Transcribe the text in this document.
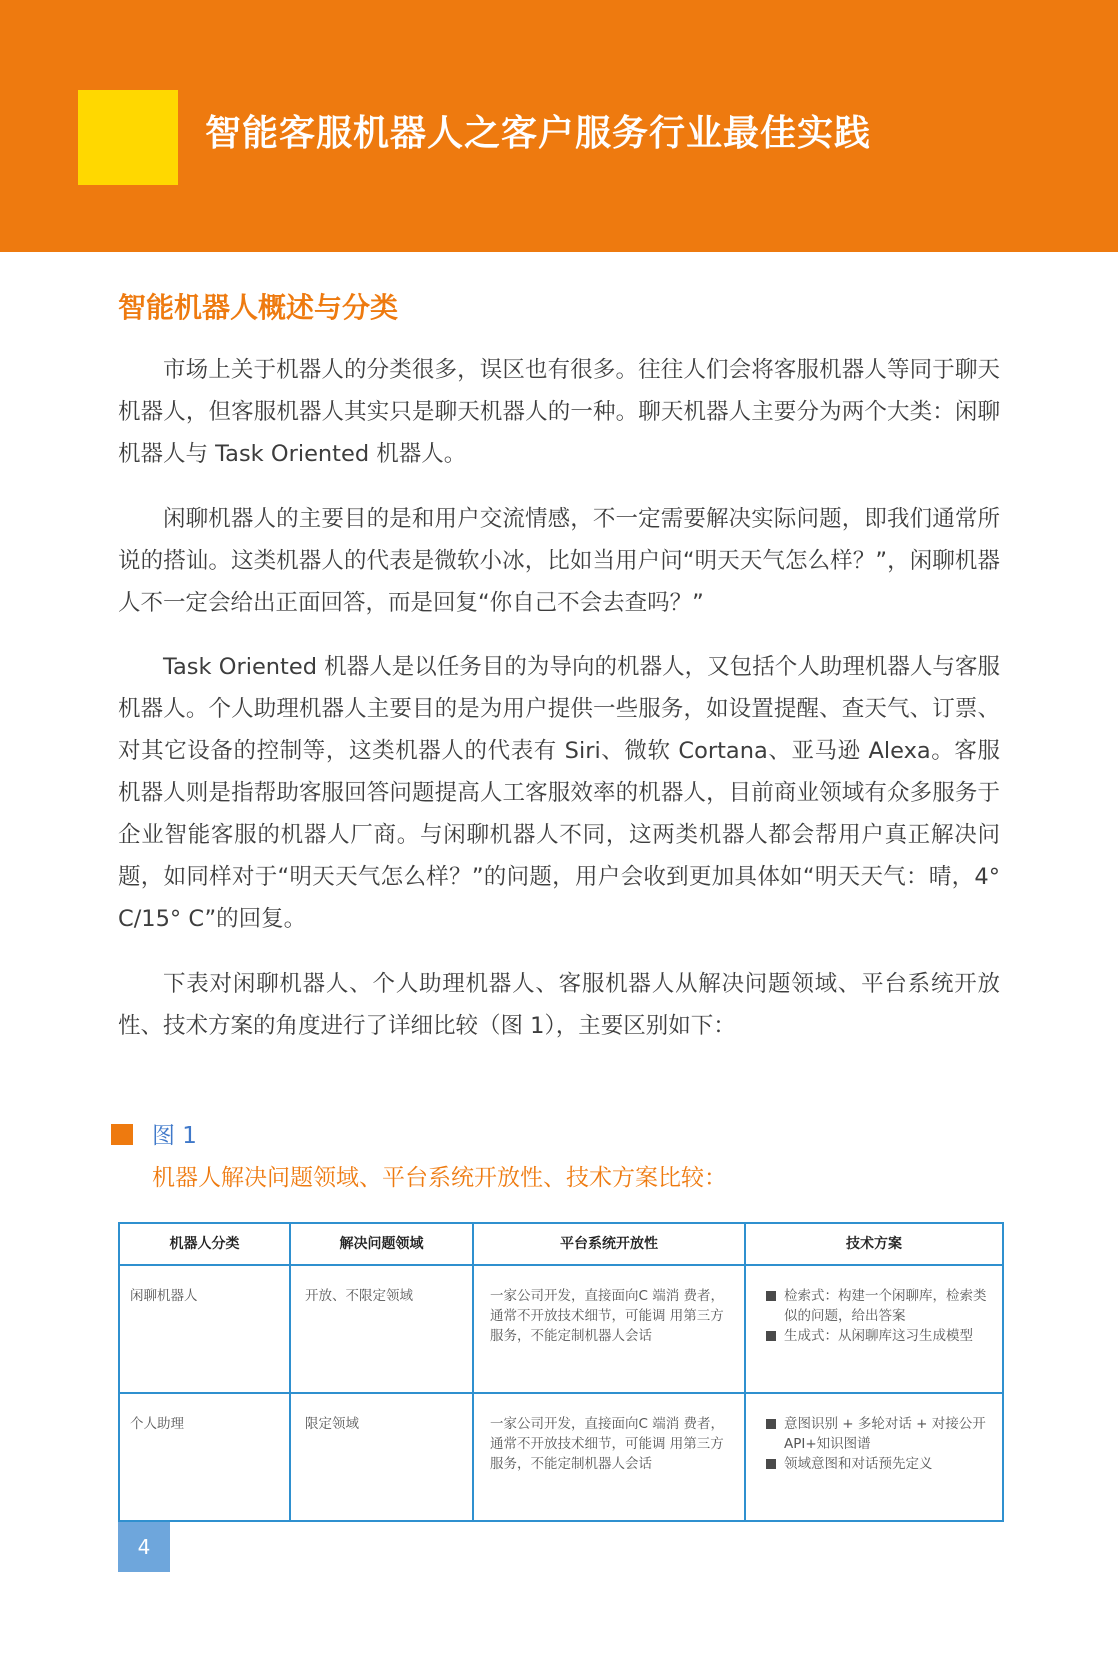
智能客服机器人之客户服务行业最佳实践
智能机器人概述与分类

市场上关于机器人的分类很多，误区也有很多。往往人们会将客服机器人等同于聊天机器人，但客服机器人其实只是聊天机器人的一种。聊天机器人主要分为两个大类：闲聊机器人与 Task Oriented 机器人。

闲聊机器人的主要目的是和用户交流情感，不一定需要解决实际问题，即我们通常所说的搭讪。这类机器人的代表是微软小冰，比如当用户问“明天天气怎么样？”，闲聊机器人不一定会给出正面回答，而是回复“你自己不会去查吗？”

Task Oriented 机器人是以任务目的为导向的机器人，又包括个人助理机器人与客服机器人。个人助理机器人主要目的是为用户提供一些服务，如设置提醒、查天气、订票、对其它设备的控制等，这类机器人的代表有 Siri、微软 Cortana、亚马逊 Alexa。客服机器人则是指帮助客服回答问题提高人工客服效率的机器人，目前商业领域有众多服务于企业智能客服的机器人厂商。与闲聊机器人不同，这两类机器人都会帮用户真正解决问题，如同样对于“明天天气怎么样？”的问题，用户会收到更加具体如“明天天气：晴，4° C/15° C”的回复。

下表对闲聊机器人、个人助理机器人、客服机器人从解决问题领域、平台系统开放性、技术方案的角度进行了详细比较（图 1），主要区别如下：

图 1
机器人解决问题领域、平台系统开放性、技术方案比较：
机器人分类	解决问题领域	平台系统开放性	技术方案
闲聊机器人	开放、不限定领域	一家公司开发，直接面向C 端消 费者，通常不开放技术细节，可能调 用第三方服务，不能定制机器人会话	检索式：构建一个闲聊库，检索类似的问题，给出答案
生成式：从闲聊库这习生成模型

个人助理	限定领域	一家公司开发，直接面向C 端消 费者，通常不开放技术细节，可能调 用第三方服务，不能定制机器人会话	意图识别 + 多轮对话 + 对接公开 API+知识图谱
领域意图和对话预先定义
4
